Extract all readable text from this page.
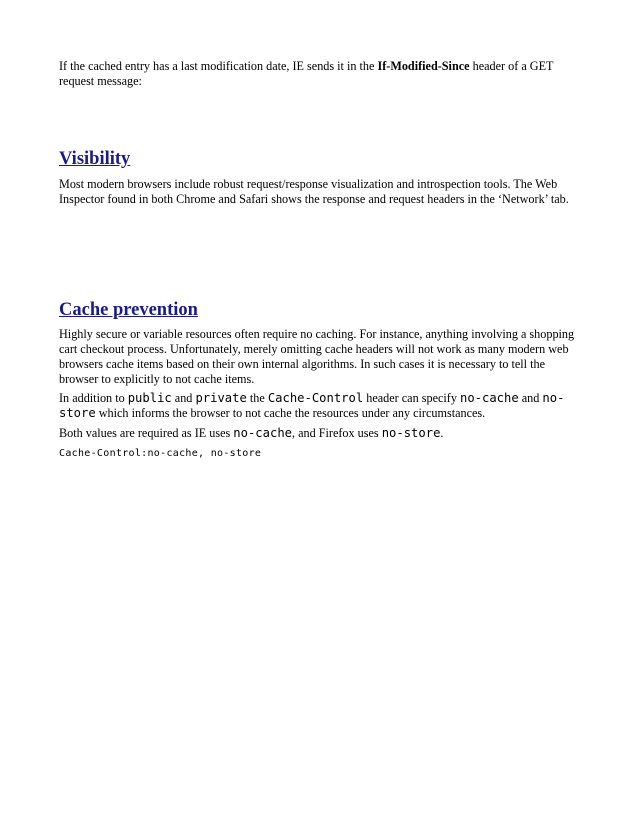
If the cached entry has a last modification date, IE sends it in the If-Modified-Since header of a GET request message:

Visibility

Most modern browsers include robust request/response visualization and introspection tools. The Web Inspector found in both Chrome and Safari shows the response and request headers in the ‘Network’ tab.

Cache prevention

Highly secure or variable resources often require no caching. For instance, anything involving a shopping cart checkout process. Unfortunately, merely omitting cache headers will not work as many modern web browsers cache items based on their own internal algorithms. In such cases it is necessary to tell the browser to explicitly to not cache items.

In addition to public and private the Cache-Control header can specify no-cache and no-store which informs the browser to not cache the resources under any circumstances.

Both values are required as IE uses no-cache, and Firefox uses no-store.

Cache-Control:no-cache, no-store
